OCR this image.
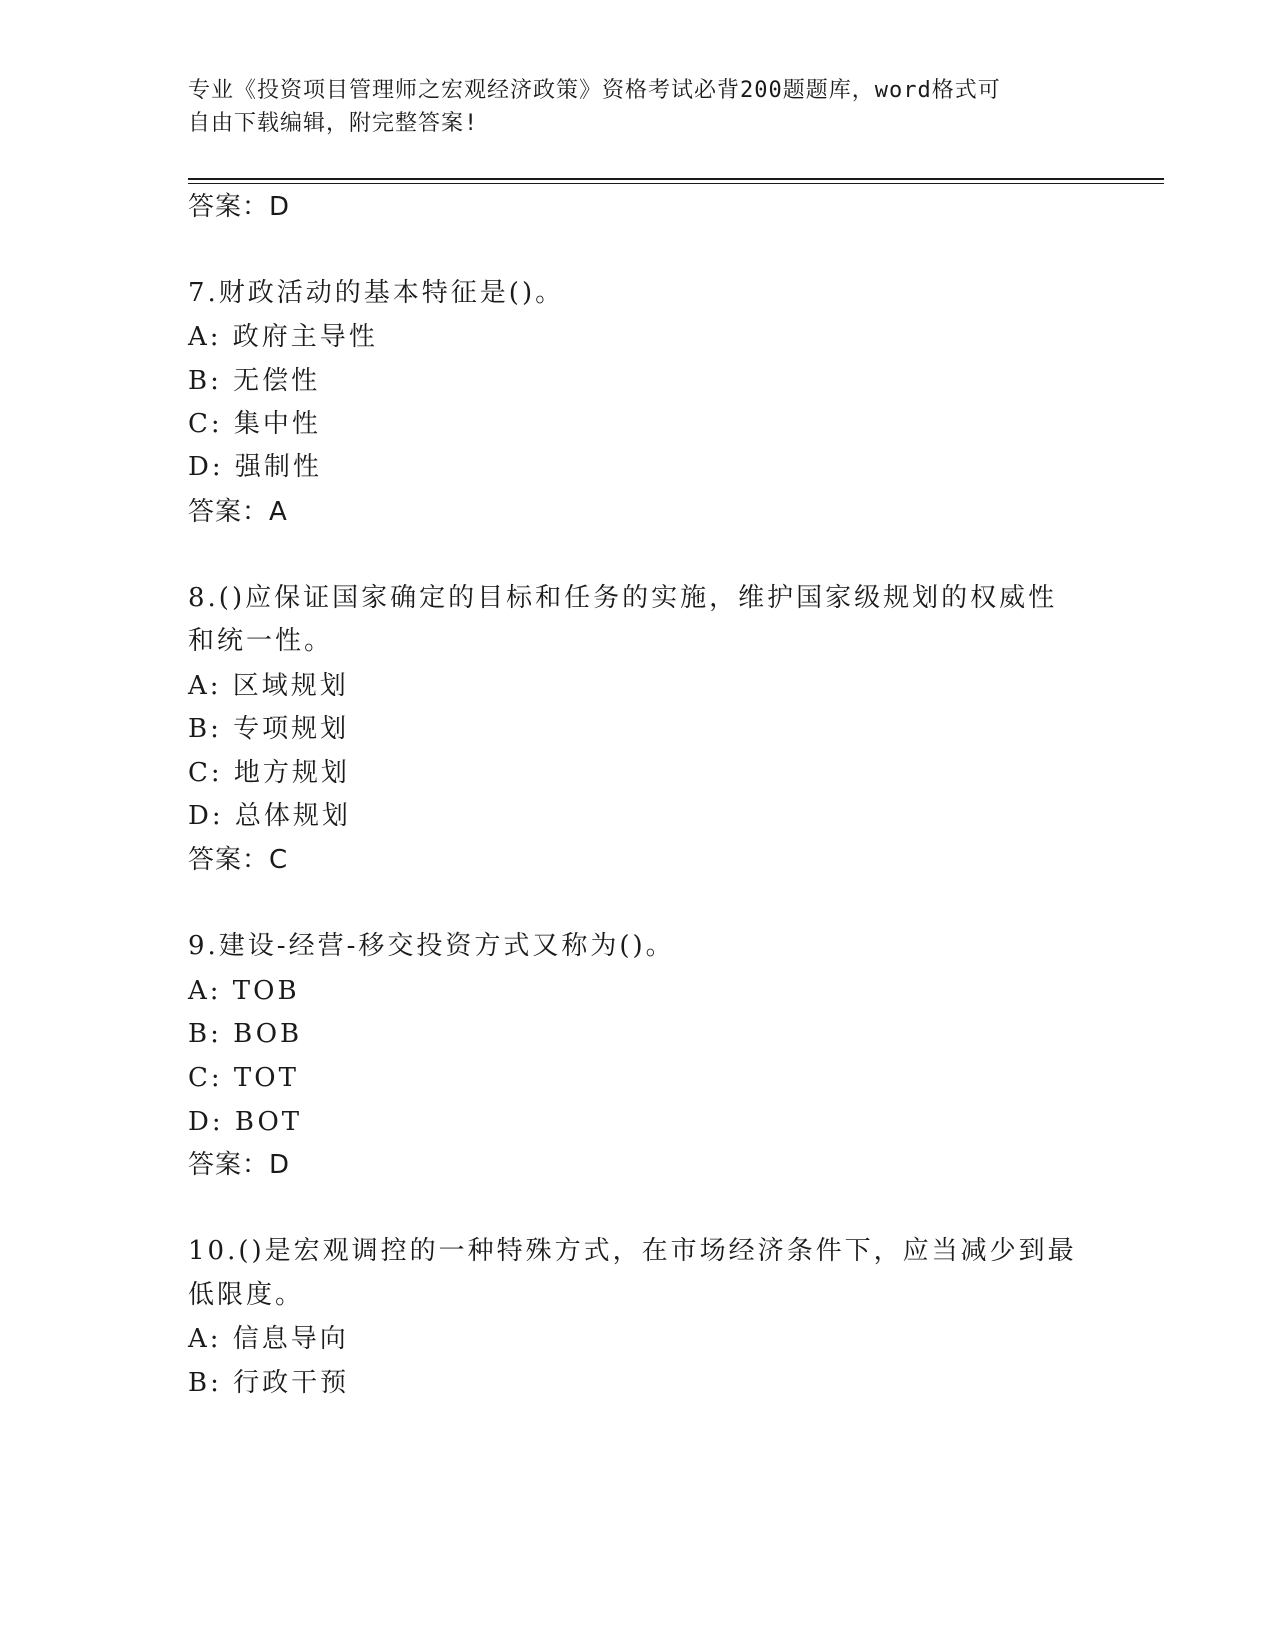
专业《投资项目管理师之宏观经济政策》资格考试必背200题题库，word格式可
自由下载编辑，附完整答案!
答案：D
7.财政活动的基本特征是()。
A: 政府主导性
B: 无偿性
C: 集中性
D: 强制性
答案：A
8.()应保证国家确定的目标和任务的实施，维护国家级规划的权威性
和统一性。
A: 区域规划
B: 专项规划
C: 地方规划
D: 总体规划
答案：C
9.建设-经营-移交投资方式又称为()。
A: TOB
B: BOB
C: TOT
D: BOT
答案：D
10.()是宏观调控的一种特殊方式，在市场经济条件下，应当减少到最
低限度。
A: 信息导向
B: 行政干预
